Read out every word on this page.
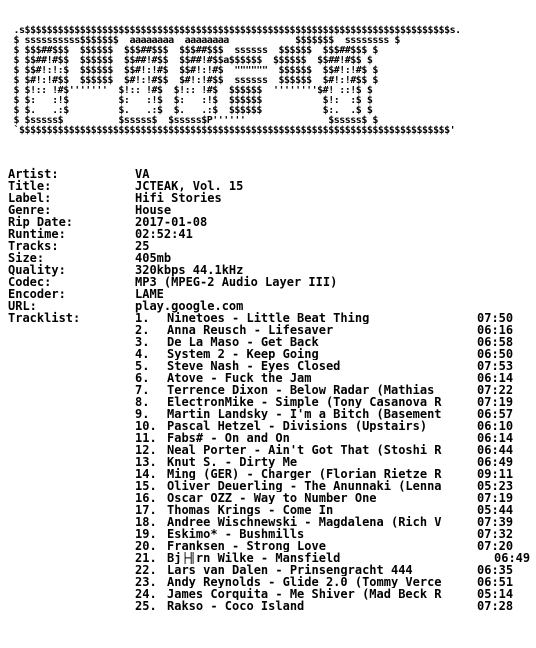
.s$$$$$$$$$$$$$$$$$$$$$$$$$$$$$$$$$$$$$$$$$$$$$$$$$$$$$$$$$$$$$$$$$$$$$$$$$$$$$s.
$ ssssssssss$$$$$$$  aaaaaaaa  aaaaaaaa            $$$$$$$  ssssssss $
$ $$$##$$$  $$$$$$  $$$##$$$  $$$##$$$  ssssss  $$$$$$  $$$##$$$ $
$ $$##!#$$  $$$$$$  $$##!#$$  $$##!#$$a$$$$$$  $$$$$$  $$##!#$$ $
$ $$#!:!:$  $$$$$$  $$#!:!#$  $$#!:!#$  """"""  $$$$$$  $$#!:!#$ $
$ $#!:!#$$  $$$$$$  $#!:!#$$  $#!:!#$$  ssssss  $$$$$$  $#!:!#$$ $
$ $!:: !#$'''''''  $!:: !#$  $!:: !#$  $$$$$$  ''''''''$#! ::!$ $
$ $:   :!$         $:   :!$  $:   :!$  $$$$$$           $!:  :$ $
$ $.   .:$         $.   .:$  $.   .:$  $$$$$$           $:.  .$ $
$ $sssss$          $sssss$  $sssss$P''''''               $sssss$ $
`$$$$$$$$$$$$$$$$$$$$$$$$$$$$$$$$$$$$$$$$$$$$$$$$$$$$$$$$$$$$$$$$$$$$$$$$$$$$$$'

Artist:	VA
Title:	JCTEAK, Vol. 15
Label:	Hifi Stories
Genre:	House
Rip Date:	2017-01-08
Runtime:	02:52:41
Tracks:	25
Size:	405mb
Quality:	320kbps 44.1kHz
Codec:	MP3 (MPEG-2 Audio Layer III)
Encoder:	LAME
URL:	play.google.com
Tracklist:	1. Ninetoes - Little Beat Thing	07:50
2. Anna Reusch - Lifesaver	06:16
3. De La Maso - Get Back	06:58
4. System 2 - Keep Going	06:50
5. Steve Nash - Eyes Closed	07:53
6. Atove - Fuck the Jam	06:14
7. Terrence Dixon - Below Radar (Mathias	07:22
8. ElectronMike - Simple (Tony Casanova R	07:19
9. Martin Landsky - I'm a Bitch (Basement	06:57
10. Pascal Hetzel - Divisions (Upstairs)	06:10
11. Fabs# - On and On	06:14
12. Neal Porter - Ain't Got That (Stoshi R	06:44
13. Knut S. - Dirty Me	06:49
14. Ming (GER) - Charger (Florian Rietze R	09:11
15. Oliver Deuerling - The Anunnaki (Lenna	05:23
16. Oscar OZZ - Way to Number One	07:19
17. Thomas Krings - Come In	05:44
18. Andree Wischnewski - Magdalena (Rich V	07:39
19. Eskimo* - Bushmills	07:32
20. Franksen - Strong Love	07:20
21. Bj├╢rn Wilke - Mansfield	06:49
22. Lars van Dalen - Prinsengracht 444	06:35
23. Andy Reynolds - Glide 2.0 (Tommy Verce	06:51
24. James Corquita - Me Shiver (Mad Beck R	05:14
25. Rakso - Coco Island	07:28
